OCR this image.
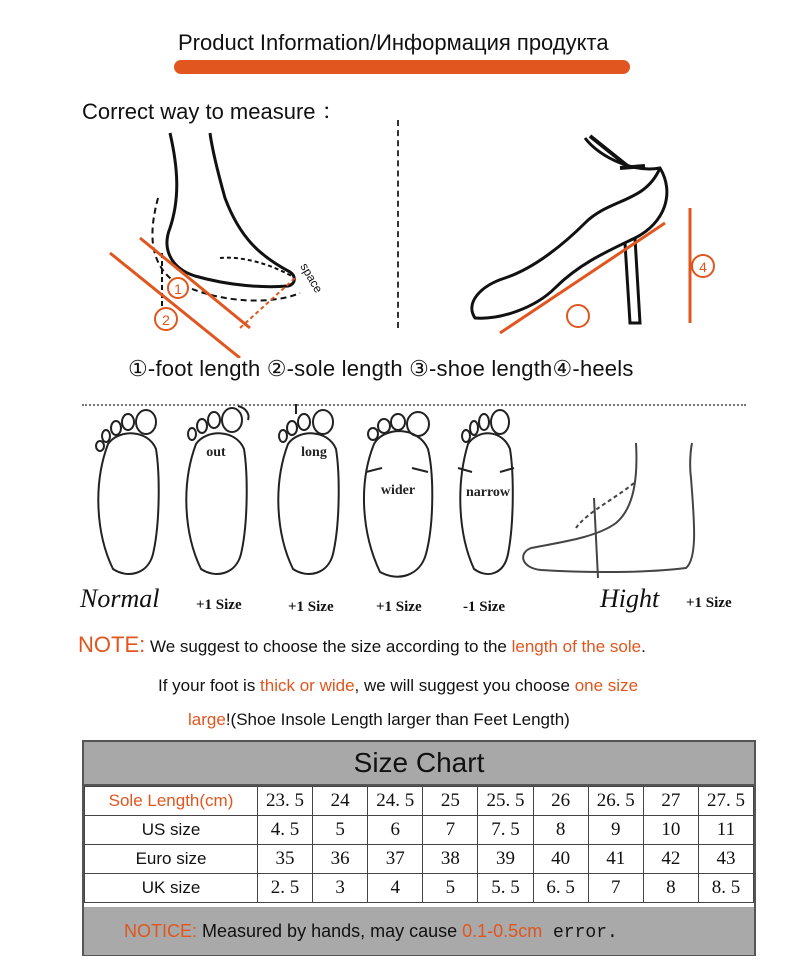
Product Information/Информация продукта
Correct way to measure ：
1
2
space	4
①-foot length ②-sole length ③-shoe length④-heels
out	long
wider	narrow
Normal +1 Size	+1 Size	+1 Size	-1 Size	Hight +1 Size
NOTE: We suggest to choose the size according to the length of the sole.
If your foot is thick or wide, we will suggest you choose one size
large!(Shoe Insole Length larger than Feet Length)
Size Chart
Sole Length(cm)	23. 5	24	24. 5	25	25. 5	26	26. 5	27	27. 5
US size	4. 5	5	6	7	7. 5	8	9	10	11
Euro size	35	36	37	38	39	40	41	42	43
UK size	2. 5	3	4	5	5. 5	6. 5	7	8	8. 5
NOTICE: Measured by hands, may cause 0.1-0.5cm error.
